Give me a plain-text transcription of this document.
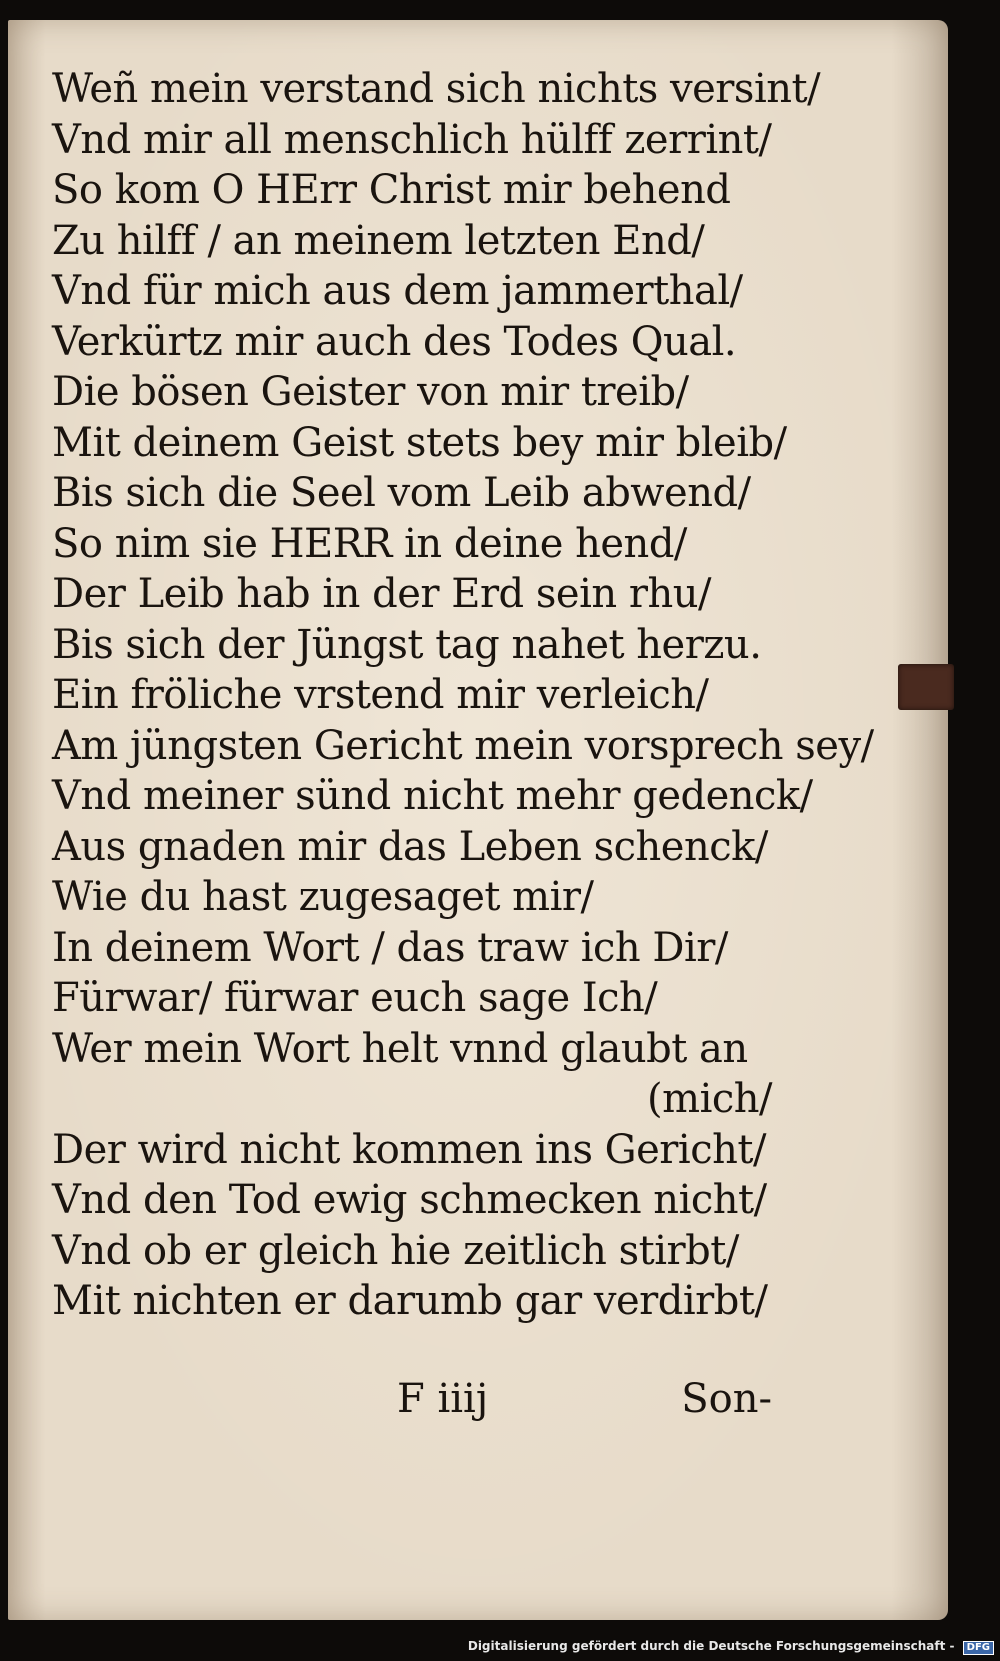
Weñ mein verstand sich nichts versint/
Vnd mir all menschlich hülff zerrint/
So kom O HErr Christ mir behend
Zu hilff / an meinem letzten End/
Vnd für mich aus dem jammerthal/
Verkürtz mir auch des Todes Qual.
Die bösen Geister von mir treib/
Mit deinem Geist stets bey mir bleib/
Bis sich die Seel vom Leib abwend/
So nim sie HERR in deine hend/
Der Leib hab in der Erd sein rhu/
Bis sich der Jüngst tag nahet herzu.
Ein fröliche vrstend mir verleich/
Am jüngsten Gericht mein vorsprech sey/
Vnd meiner sünd nicht mehr gedenck/
Aus gnaden mir das Leben schenck/
Wie du hast zugesaget mir/
In deinem Wort / das traw ich Dir/
Fürwar/ fürwar euch sage Ich/
Wer mein Wort helt vnnd glaubt an
(mich/
Der wird nicht kommen ins Gericht/
Vnd den Tod ewig schmecken nicht/
Vnd ob er gleich hie zeitlich stirbt/
Mit nichten er darumb gar verdirbt/
F iiij	Son-
Digitalisierung gefördert durch die Deutsche Forschungsgemeinschaft - DFG
